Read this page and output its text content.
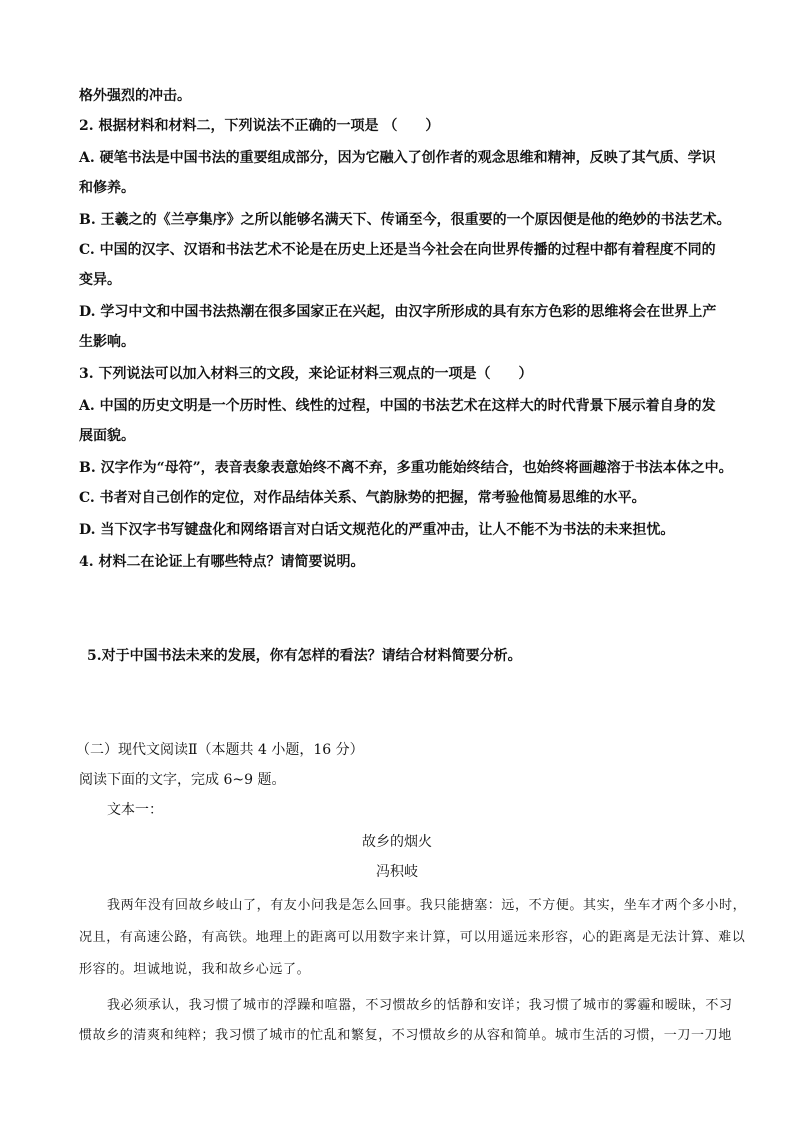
格外强烈的冲击。
2. 根据材料和材料二，下列说法不正确的一项是 （　　）
A. 硬笔书法是中国书法的重要组成部分，因为它融入了创作者的观念思维和精神，反映了其气质、学识
和修养。
B. 王羲之的《兰亭集序》之所以能够名满天下、传诵至今，很重要的一个原因便是他的绝妙的书法艺术。
C. 中国的汉字、汉语和书法艺术不论是在历史上还是当今社会在向世界传播的过程中都有着程度不同的
变异。
D. 学习中文和中国书法热潮在很多国家正在兴起，由汉字所形成的具有东方色彩的思维将会在世界上产
生影响。
3. 下列说法可以加入材料三的文段，来论证材料三观点的一项是（　　）
A. 中国的历史文明是一个历时性、线性的过程，中国的书法艺术在这样大的时代背景下展示着自身的发
展面貌。
B. 汉字作为“母符”，表音表象表意始终不离不弃，多重功能始终结合，也始终将画趣溶于书法本体之中。
C. 书者对自己创作的定位，对作品结体关系、气韵脉势的把握，常考验他简易思维的水平。
D. 当下汉字书写键盘化和网络语言对白话文规范化的严重冲击，让人不能不为书法的未来担忧。
4. 材料二在论证上有哪些特点？请简要说明。
5.对于中国书法未来的发展，你有怎样的看法？请结合材料简要分析。
（二）现代文阅读Ⅱ（本题共 4 小题，16 分）
阅读下面的文字，完成 6~9 题。
文本一：
故乡的烟火
冯积岐
我两年没有回故乡岐山了，有友小问我是怎么回事。我只能搪塞：远，不方便。其实，坐车才两个多小时，
况且，有高速公路，有高铁。地理上的距离可以用数字来计算，可以用遥远来形容，心的距离是无法计算、难以
形容的。坦诚地说，我和故乡心远了。
我必须承认，我习惯了城市的浮躁和喧嚣，不习惯故乡的恬静和安详；我习惯了城市的雾霾和暧昧，不习
惯故乡的清爽和纯粹；我习惯了城市的忙乱和繁复，不习惯故乡的从容和简单。城市生活的习惯，一刀一刀地
